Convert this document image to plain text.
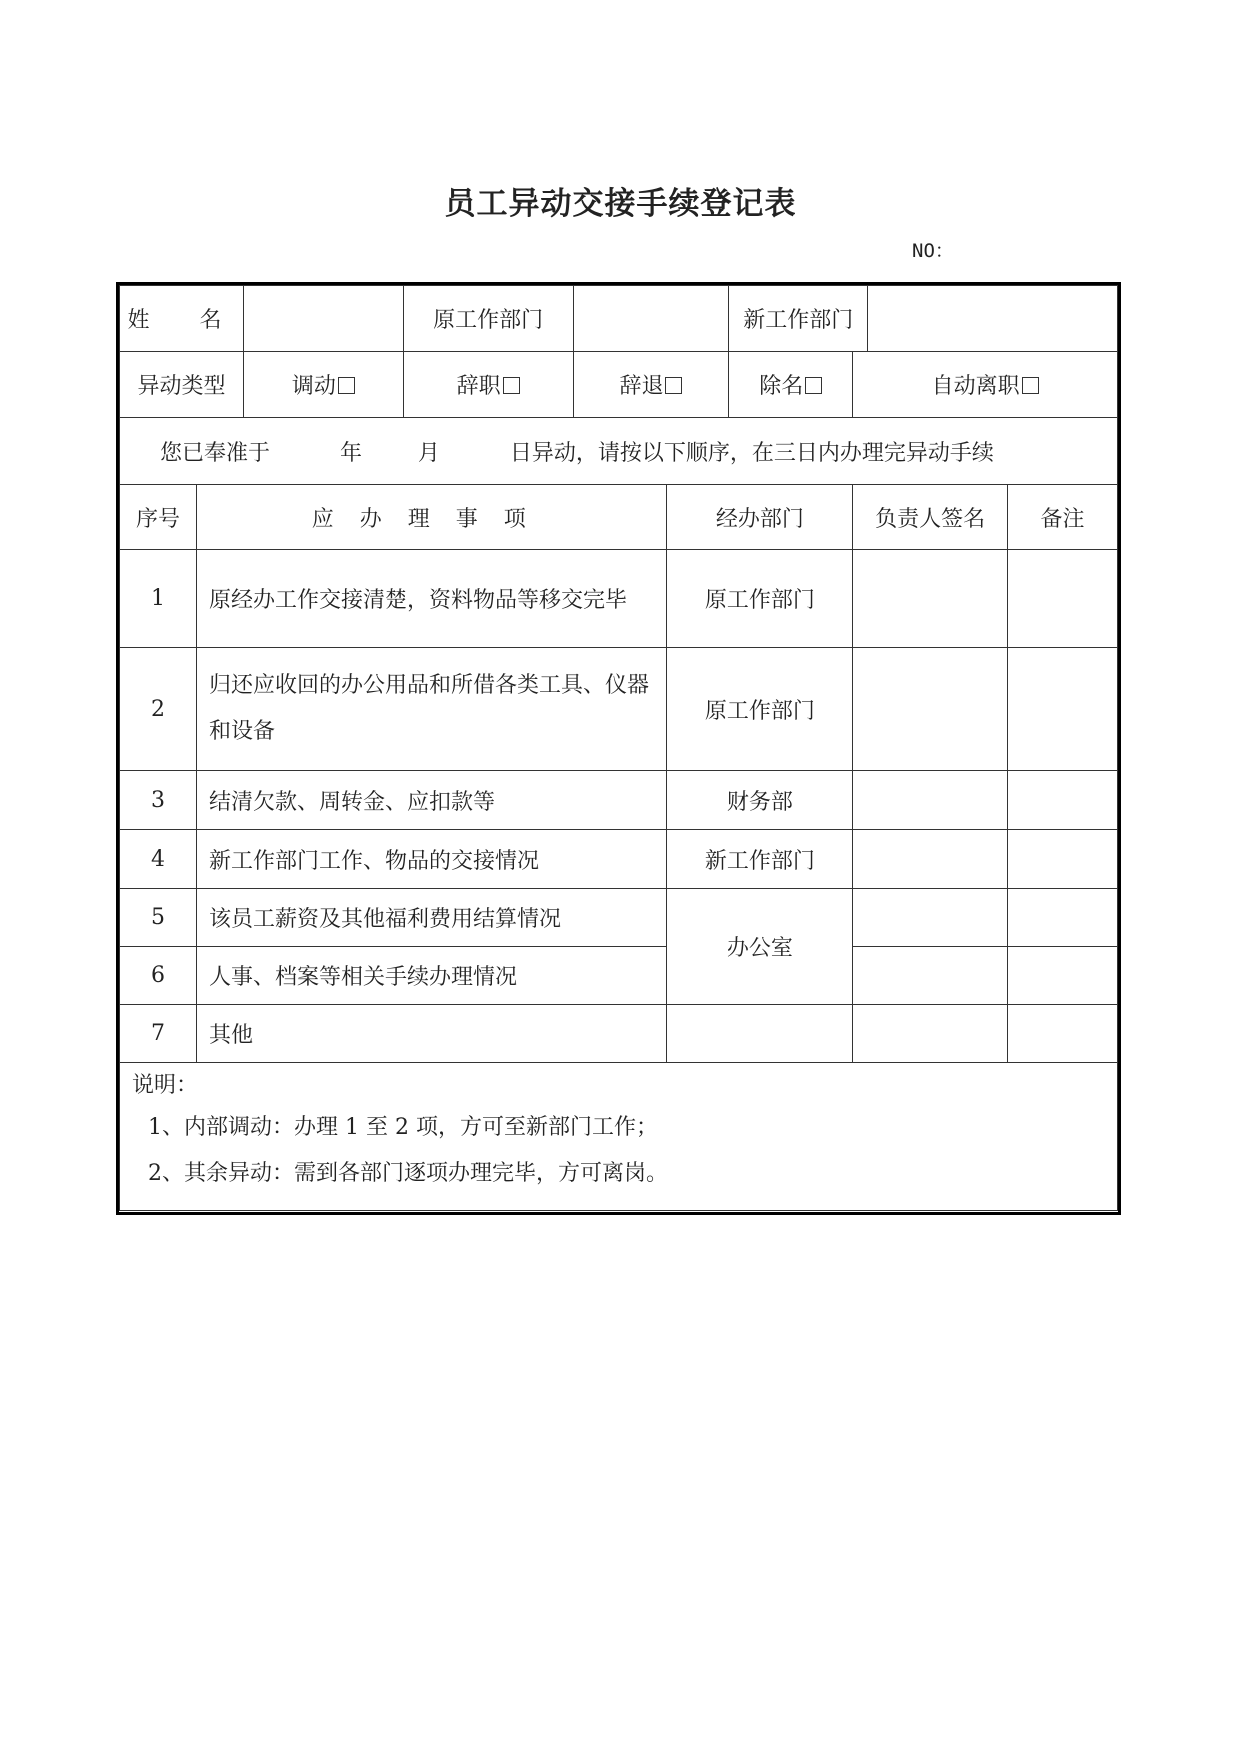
员工异动交接手续登记表
NO：
姓　名			原工作部门			新工作部门			
异动类型		调动	辞职	辞退		除名	自动离职		
您已奉准于 年 月 日异动，请按以下顺序，在三日内办理完异动手续									
序号	应办理事项				经办部门		负责人签名		备注
1	原经办工作交接清楚，资料物品等移交完毕				原工作部门				
2	归还应收回的办公用品和所借各类工具、仪器和设备				原工作部门				
3	结清欠款、周转金、应扣款等				财务部				
4	新工作部门工作、物品的交接情况				新工作部门				
5	该员工薪资及其他福利费用结算情况				办公室				
6	人事、档案等相关手续办理情况								
7	其他								

说明：
1、内部调动：办理 1 至 2 项，方可至新部门工作；
2、其余异动：需到各部门逐项办理完毕，方可离岗。									
